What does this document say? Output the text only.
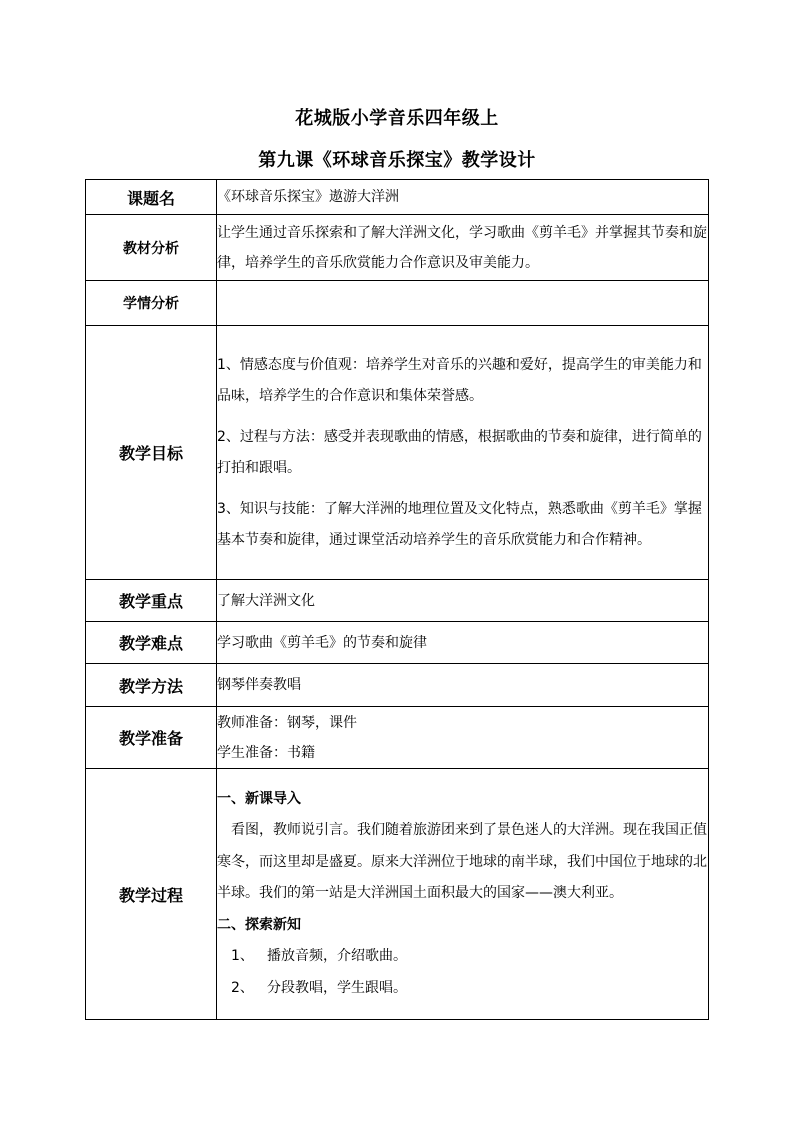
花城版小学音乐四年级上
第九课《环球音乐探宝》教学设计
课题名	《环球音乐探宝》遨游大洋洲
教材分析	让学生通过音乐探索和了解大洋洲文化，学习歌曲《剪羊毛》并掌握其节奏和旋律，培养学生的音乐欣赏能力合作意识及审美能力。
学情分析	
教学目标	1、情感态度与价值观：培养学生对音乐的兴趣和爱好，提高学生的审美能力和品味，培养学生的合作意识和集体荣誉感。

2、过程与方法：感受并表现歌曲的情感，根据歌曲的节奏和旋律，进行简单的打拍和跟唱。

3、知识与技能：了解大洋洲的地理位置及文化特点，熟悉歌曲《剪羊毛》掌握基本节奏和旋律，通过课堂活动培养学生的音乐欣赏能力和合作精神。

教学重点	了解大洋洲文化
教学难点	学习歌曲《剪羊毛》的节奏和旋律
教学方法	钢琴伴奏教唱
教学准备	教师准备：钢琴，课件

学生准备：书籍

教学过程	一、新课导入

看图，教师说引言。我们随着旅游团来到了景色迷人的大洋洲。现在我国正值寒冬，而这里却是盛夏。原来大洋洲位于地球的南半球，我们中国位于地球的北半球。我们的第一站是大洋洲国土面积最大的国家——澳大利亚。

二、探索新知

1、 播放音频，介绍歌曲。

2、 分段教唱，学生跟唱。
